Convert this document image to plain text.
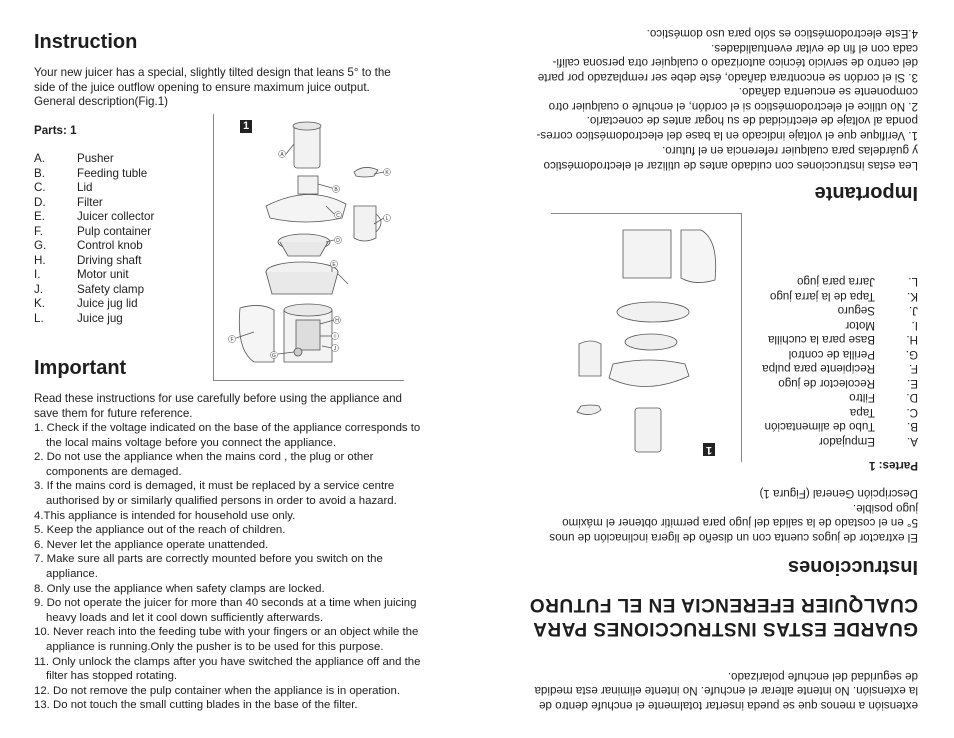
Instruction
Your new juicer has a special, slightly tilted design that leans 5° to the
side of the juice outflow opening to ensure maximum juice output.
General description(Fig.1)
Parts: 1
A.	Pusher
B.	Feeding tuble
C.	Lid
D.	Filter
E.	Juicer collector
F.	Pulp container
G.	Control knob
H.	Driving shaft
I.	Motor unit
J.	Safety clamp
K.	Juice jug lid
L.	Juice jug
1
A
B
C
D
E
F
G
H
I
J
K
L
Important
Read these instructions for use carefully before using the appliance and
save them for future reference.
1. Check if the voltage indicated on the base of the appliance corresponds to the local mains voltage before you connect the appliance.
2. Do not use the appliance when the mains cord , the plug or other components are demaged.
3. If the mains cord is demaged, it must be replaced by a service centre authorised by or similarly qualified persons in order to avoid a hazard.
4.This appliance is intended for household use only.
5. Keep the appliance out of the reach of children.
6. Never let the appliance operate unattended.
7. Make sure all parts are correctly mounted before you switch on the appliance.
8. Only use the appliance when safety clamps are locked.
9. Do not operate the juicer for more than 40 seconds at a time when juicing heavy loads and let it cool down sufficiently afterwards.
10. Never reach into the feeding tube with your fingers or an object while the appliance is running.Only the pusher is to be used for this purpose.
11. Only unlock the clamps after you have switched the appliance off and the filter has stopped rotating.
12. Do not remove the pulp container when the appliance is in operation.
13. Do not touch the small cutting blades in the base of the filter.	extensión a menos que se pueda insertar totalmente el enchufe dentro de
la extensión. No intente alterar el enchufe. No intente eliminar esta medida
de seguridad del enchufe polarizado.
GUARDE ESTAS INSTRUCCIONES PARA
CUALQUIER EFERENCIA EN EL FUTURO
Instrucciones
El extractor de jugos cuenta con un diseño de ligera inclinación de unos
5° en el costado de la salida del jugo para permitir obtener el máximo
jugo posible.
Descripción General (Figura 1)
Partes: 1
A.
Empujador
B.
Tubo de alimentación
C.
Tapa
D.
Filtro
E.
Recolector de jugo
F.
Recipiente para pulpa
G.
Perilla de control
H.
Base para la cuchilla
I.
Motor
J.
Seguro
K.
Tapa de la jarra jugo
L.
Jarra para jugo
1
Importante
Lea estas instrucciones con cuidado antes de utilizar el electrodoméstico
y guárdelas para cualquier referencia en el futuro.
1. Verifique que el voltaje indicado en la base del electrodoméstico corres-
ponda al voltaje de electricidad de su hogar antes de conectarlo.
2. No utilice el electrodoméstico si el cordón, el enchufe o cualquier otro
componente se encuentra dañado.
3. Si el cordón se encontrara dañado, éste debe ser remplazado por parte
del centro de servicio técnico autorizado o cualquier otra persona califi-
cada con el fin de evitar eventualidades.
4.Este electrodoméstico es sólo para uso doméstico.
